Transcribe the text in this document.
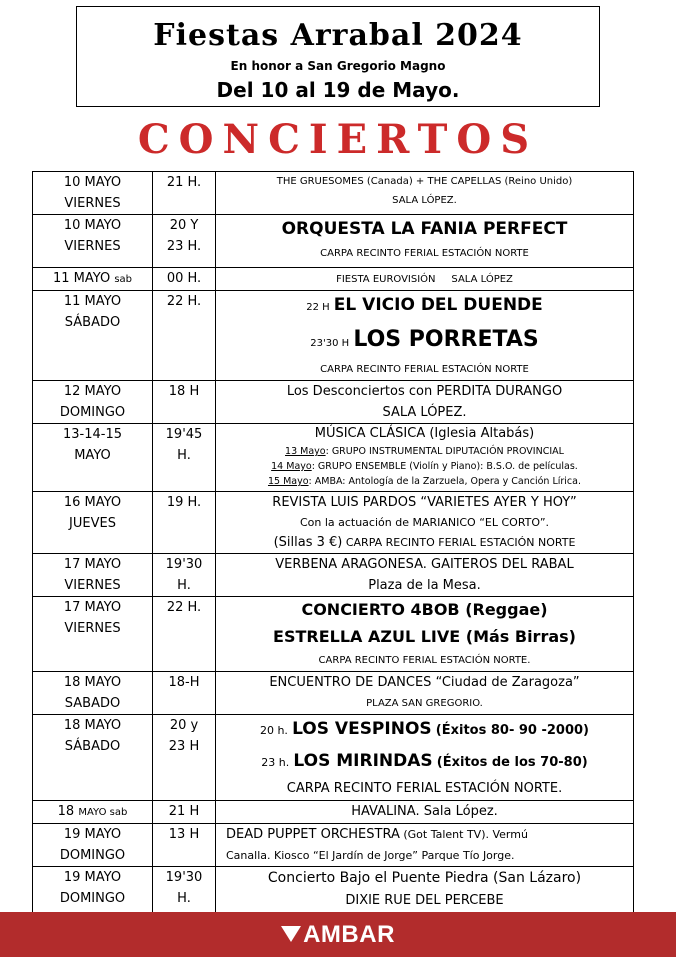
Fiestas Arrabal 2024
En honor a San Gregorio Magno
Del 10 al 19 de Mayo.
CONCIERTOS
10 MAYO
VIERNES	21 H.	THE GRUESOMES (Canada) + THE CAPELLAS (Reino Unido)
SALA LÓPEZ.

10 MAYO
VIERNES	20 Y
23 H.	ORQUESTA LA FANIA PERFECT
CARPA RECINTO FERIAL ESTACIÓN NORTE

11 MAYO sab	00 H.	FIESTA EUROVISIÓN     SALA LÓPEZ

11 MAYO
SÁBADO	22 H.	22 H EL VICIO DEL DUENDE
23'30 H LOS PORRETAS
CARPA RECINTO FERIAL ESTACIÓN NORTE

12 MAYO
DOMINGO	18 H	Los Desconciertos con PERDITA DURANGO
SALA LÓPEZ.

13-14-15
MAYO	19'45
H.	MÚSICA CLÁSICA (Iglesia Altabás)
13 Mayo: GRUPO INSTRUMENTAL DIPUTACIÓN PROVINCIAL
14 Mayo: GRUPO ENSEMBLE (Violín y Piano): B.S.O. de películas.
15 Mayo: AMBA: Antología de la Zarzuela, Opera y Canción Lírica.

16 MAYO
JUEVES	19 H.	REVISTA LUIS PARDOS “VARIETES AYER Y HOY”
Con la actuación de MARIANICO “EL CORTO”.
(Sillas 3 €) CARPA RECINTO FERIAL ESTACIÓN NORTE

17 MAYO
VIERNES	19'30
H.	VERBENA ARAGONESA. GAITEROS DEL RABAL
Plaza de la Mesa.

17 MAYO
VIERNES	22 H.	CONCIERTO 4BOB (Reggae)
ESTRELLA AZUL LIVE (Más Birras)
CARPA RECINTO FERIAL ESTACIÓN NORTE.

18 MAYO
SABADO	18-H	ENCUENTRO DE DANCES “Ciudad de Zaragoza”
PLAZA SAN GREGORIO.

18 MAYO
SÁBADO	20 y
23 H	20 h. LOS VESPINOS (Éxitos 80- 90 -2000)
23 h. LOS MIRINDAS (Éxitos de los 70-80)
CARPA RECINTO FERIAL ESTACIÓN NORTE.

18 MAYO sab	21 H	HAVALINA. Sala López.

19 MAYO
DOMINGO	13 H	DEAD PUPPET ORCHESTRA (Got Talent TV). Vermú
Canalla. Kiosco “El Jardín de Jorge” Parque Tío Jorge.

19 MAYO
DOMINGO	19'30
H.	Concierto Bajo el Puente Piedra (San Lázaro)
DIXIE RUE DEL PERCEBE
AMBAR
